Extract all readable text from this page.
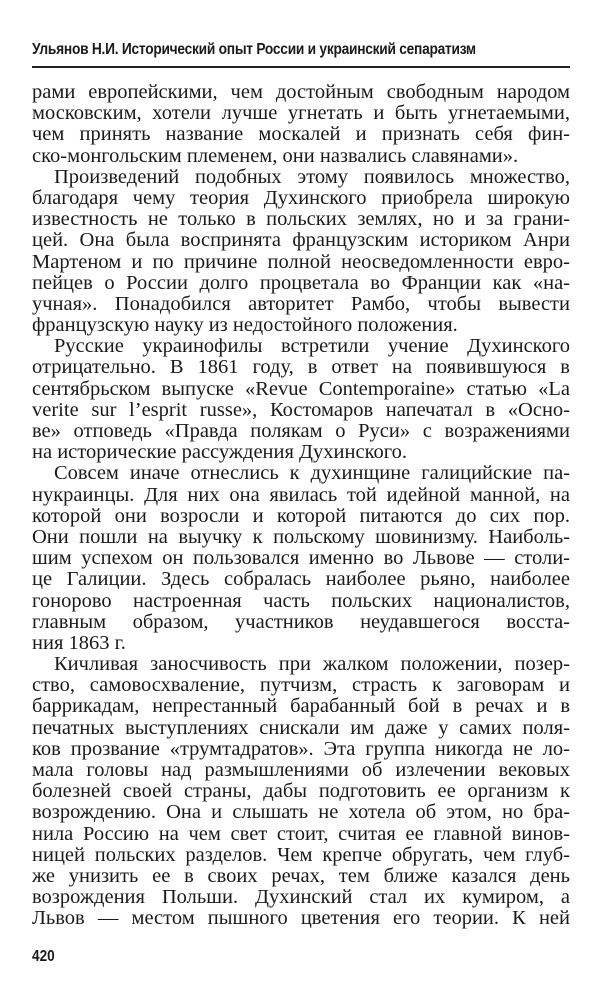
Ульянов Н.И. Исторический опыт России и украинский сепаратизм
рами европейскими, чем достойным свободным народом
московским, хотели лучше угнетать и быть угнетаемыми,
чем принять название москалей и признать себя фин-
ско-монгольским племенем, они назвались славянами».
Произведений подобных этому появилось множество,
благодаря чему теория Духинского приобрела широкую
известность не только в польских землях, но и за грани-
цей. Она была воспринята французским историком Анри
Мартеном и по причине полной неосведомленности евро-
пейцев о России долго процветала во Франции как «на-
учная». Понадобился авторитет Рамбо, чтобы вывести
французскую науку из недостойного положения.
Русские украинофилы встретили учение Духинского
отрицательно. В 1861 году, в ответ на появившуюся в
сентябрьском выпуске «Revue Contemporaine» статью «La
verite sur l’esprit russe», Костомаров напечатал в «Осно-
ве» отповедь «Правда полякам о Руси» с возражениями
на исторические рассуждения Духинского.
Совсем иначе отнеслись к духинщине галицийские па-
нукраинцы. Для них она явилась той идейной манной, на
которой они возросли и которой питаются до сих пор.
Они пошли на выучку к польскому шовинизму. Наиболь-
шим успехом он пользовался именно во Львове — столи-
це Галиции. Здесь собралась наиболее рьяно, наиболее
гонорово настроенная часть польских националистов,
главным образом, участников неудавшегося восста-
ния 1863 г.
Кичливая заносчивость при жалком положении, позер-
ство, самовосхваление, путчизм, страсть к заговорам и
баррикадам, непрестанный барабанный бой в речах и в
печатных выступлениях снискали им даже у самих поля-
ков прозвание «трумтадратов». Эта группа никогда не ло-
мала головы над размышлениями об излечении вековых
болезней своей страны, дабы подготовить ее организм к
возрождению. Она и слышать не хотела об этом, но бра-
нила Россию на чем свет стоит, считая ее главной винов-
ницей польских разделов. Чем крепче обругать, чем глуб-
же унизить ее в своих речах, тем ближе казался день
возрождения Польши. Духинский стал их кумиром, а
Львов — местом пышного цветения его теории. К ней
420
